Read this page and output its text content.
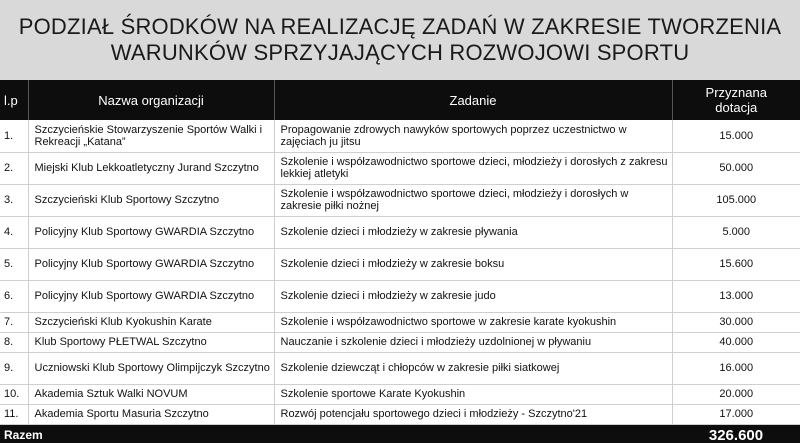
PODZIAŁ ŚRODKÓW NA REALIZACJĘ ZADAŃ W ZAKRESIE TWORZENIA
WARUNKÓW SPRZYJAJĄCYCH ROZWOJOWI SPORTU
l.p	Nazwa organizacji	Zadanie	Przyznana
dotacja

1.	Szczycieńskie Stowarzyszenie Sportów Walki i Rekreacji „Katana”	Propagowanie zdrowych nawyków sportowych poprzez uczestnictwo w zajęciach ju jitsu	15.000
2.	Miejski Klub Lekkoatletyczny Jurand Szczytno	Szkolenie i współzawodnictwo sportowe dzieci, młodzieży i dorosłych z zakresu lekkiej atletyki	50.000
3.	Szczycieński Klub Sportowy Szczytno	Szkolenie i współzawodnictwo sportowe dzieci, młodzieży i dorosłych w zakresie piłki nożnej	105.000
4.	Policyjny Klub Sportowy GWARDIA Szczytno	Szkolenie dzieci i młodzieży w zakresie pływania	5.000
5.	Policyjny Klub Sportowy GWARDIA Szczytno	Szkolenie dzieci i młodzieży w zakresie boksu	15.600
6.	Policyjny Klub Sportowy GWARDIA Szczytno	Szkolenie dzieci i młodzieży w zakresie judo	13.000
7.	Szczycieński Klub Kyokushin Karate	Szkolenie i współzawodnictwo sportowe w zakresie karate kyokushin	30.000
8.	Klub Sportowy PŁETWAL Szczytno	Nauczanie i szkolenie dzieci i młodzieży uzdolnionej w pływaniu	40.000
9.	Uczniowski Klub Sportowy Olimpijczyk Szczytno	Szkolenie dziewcząt i chłopców w zakresie piłki siatkowej	16.000
10.	Akademia Sztuk Walki NOVUM	Szkolenie sportowe Karate Kyokushin	20.000
11.	Akademia Sportu Masuria Szczytno	Rozwój potencjału sportowego dzieci i młodzieży - Szczytno'21	17.000
Razem			326.600
